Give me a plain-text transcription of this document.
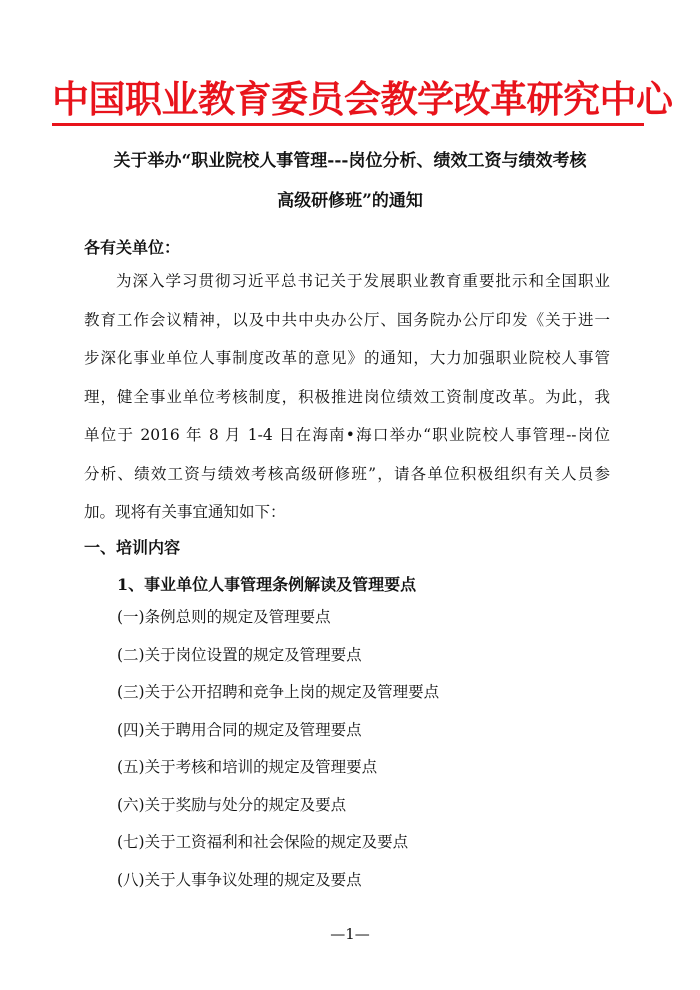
中国职业教育委员会教学改革研究中心
关于举办“职业院校人事管理---岗位分析、绩效工资与绩效考核
高级研修班”的通知
各有关单位：
为深入学习贯彻习近平总书记关于发展职业教育重要批示和全国职业
教育工作会议精神，以及中共中央办公厅、国务院办公厅印发《关于进一
步深化事业单位人事制度改革的意见》的通知，大力加强职业院校人事管
理，健全事业单位考核制度，积极推进岗位绩效工资制度改革。为此，我
单位于 2016 年 8 月 1-4 日在海南•海口举办“职业院校人事管理--岗位
分析、绩效工资与绩效考核高级研修班”，请各单位积极组织有关人员参
加。现将有关事宜通知如下：
一、培训内容
1、事业单位人事管理条例解读及管理要点
(一)条例总则的规定及管理要点
(二)关于岗位设置的规定及管理要点
(三)关于公开招聘和竞争上岗的规定及管理要点
(四)关于聘用合同的规定及管理要点
(五)关于考核和培训的规定及管理要点
(六)关于奖励与处分的规定及要点
(七)关于工资福利和社会保险的规定及要点
(八)关于人事争议处理的规定及要点
—1—
